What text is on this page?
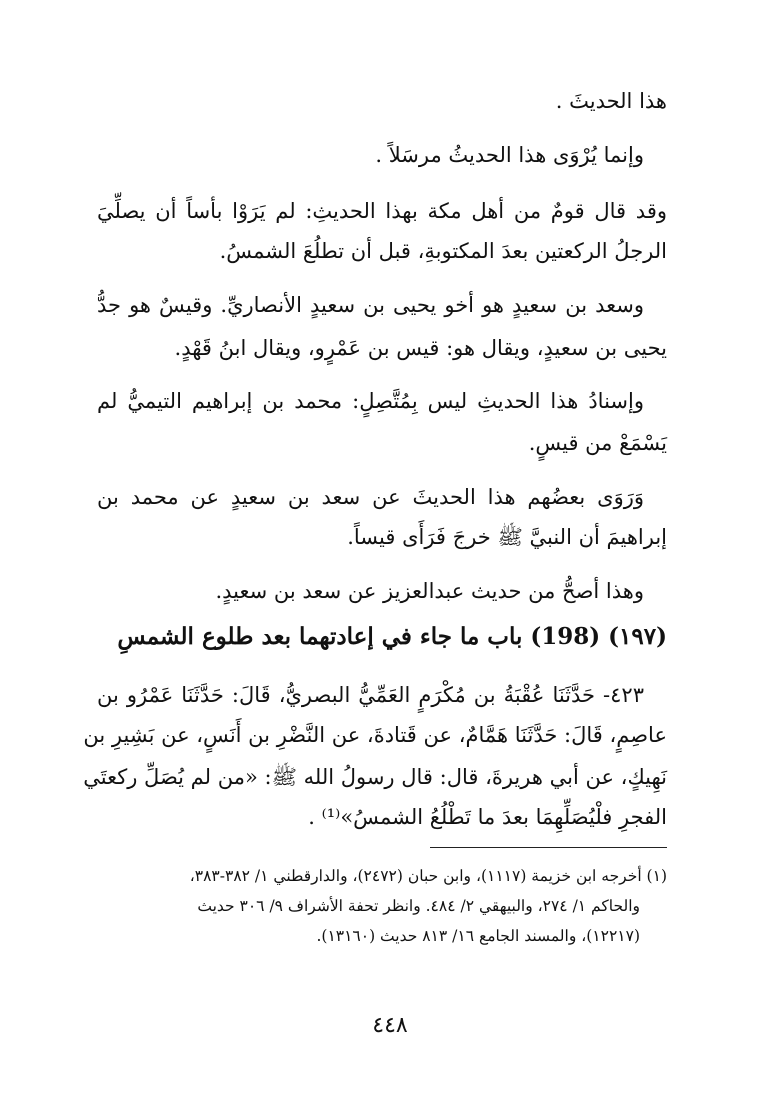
هذا الحديثَ .
وإنما يُرْوَى هذا الحديثُ مرسَلاً .
وقد قال قومٌ من أهل مكة بهذا الحديثِ: لم يَرَوْا بأساً أن يصلِّيَ
الرجلُ الركعتين بعدَ المكتوبةِ، قبل أن تطلُعَ الشمسُ.
وسعد بن سعيدٍ هو أخو يحيى بن سعيدٍ الأنصاريِّ. وقيسٌ هو جدُّ
يحيى بن سعيدٍ، ويقال هو: قيس بن عَمْرٍو، ويقال ابنُ قَهْدٍ.
وإسنادُ هذا الحديثِ ليس بِمُتَّصِلٍ: محمد بن إبراهيم التيميُّ لم
يَسْمَعْ من قيسٍ.
وَرَوَى بعضُهم هذا الحديثَ عن سعد بن سعيدٍ عن محمد بن
إبراهيمَ أن النبيَّ ﷺ خرجَ فَرَأَى قيساً.
وهذا أصحُّ من حديث عبدالعزيز عن سعد بن سعيدٍ.
(١٩٧) (198) باب ما جاء في إعادتهما بعد طلوع الشمسِ
٤٢٣- حَدَّثَنَا عُقْبَةُ بن مُكْرَمٍ العَمِّيُّ البصريُّ، قَالَ: حَدَّثَنَا عَمْرُو بن
عاصِمٍ، قَالَ: حَدَّثَنَا هَمَّامٌ، عن قَتادةَ، عن النَّضْرِ بن أَنَسٍ، عن بَشِيرِ بن
نَهِيكٍ، عن أبي هريرةَ، قال: قال رسولُ الله ﷺ: «من لم يُصَلِّ ركعتَي
الفجرِ فلْيُصَلِّهِمَا بعدَ ما تَطْلُعُ الشمسُ»⁽¹⁾ .
(١) أخرجه ابن خزيمة (١١١٧)، وابن حبان (٢٤٧٢)، والدارقطني ١/ ٣٨٢-٣٨٣،
والحاكم ١/ ٢٧٤، والبيهقي ٢/ ٤٨٤. وانظر تحفة الأشراف ٩/ ٣٠٦ حديث
(١٢٢١٧)، والمسند الجامع ١٦/ ٨١٣ حديث (١٣١٦٠).
٤٤٨
